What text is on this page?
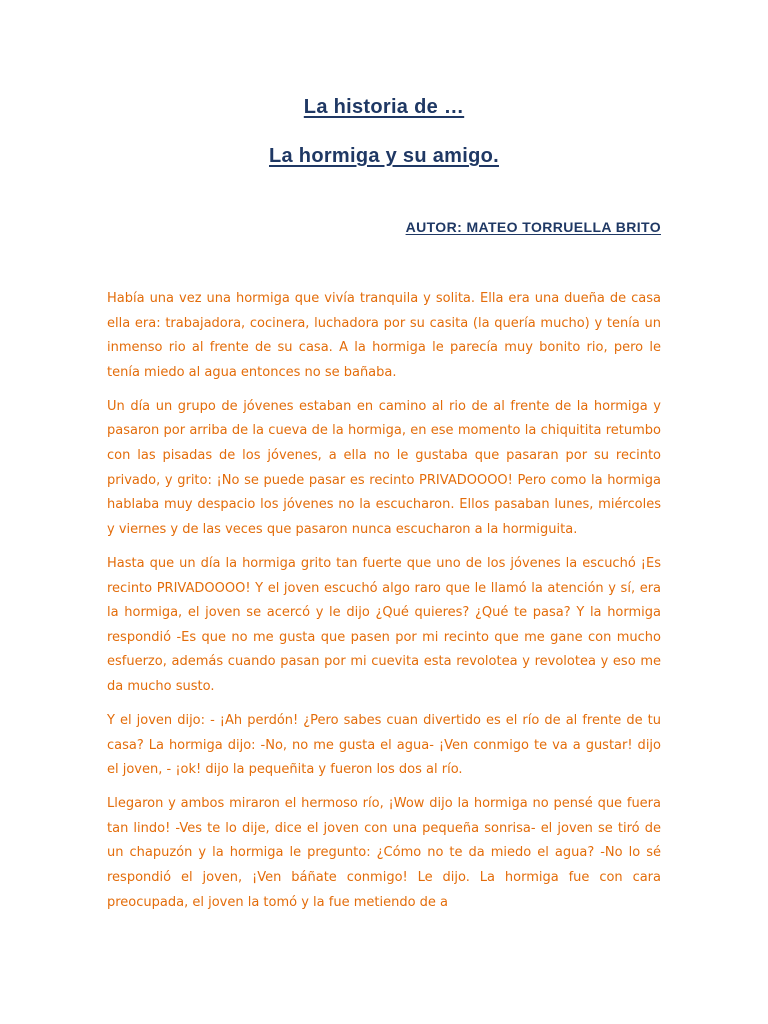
La historia de …
La hormiga y su amigo.
AUTOR: MATEO TORRUELLA BRITO

Había una vez una hormiga que vivía tranquila y solita. Ella era una dueña de casa ella era: trabajadora, cocinera, luchadora por su casita (la quería mucho) y tenía un inmenso rio al frente de su casa. A la hormiga le parecía muy bonito rio, pero le tenía miedo al agua entonces no se bañaba.

Un día un grupo de jóvenes estaban en camino al rio de al frente de la hormiga y pasaron por arriba de la cueva de la hormiga, en ese momento la chiquitita retumbo con las pisadas de los jóvenes, a ella no le gustaba que pasaran por su recinto privado, y grito: ¡No se puede pasar es recinto PRIVADOOOO! Pero como la hormiga hablaba muy despacio los jóvenes no la escucharon. Ellos pasaban lunes, miércoles y viernes y de las veces que pasaron nunca escucharon a la hormiguita.

Hasta que un día la hormiga grito tan fuerte que uno de los jóvenes la escuchó ¡Es recinto PRIVADOOOO! Y el joven escuchó algo raro que le llamó la atención y sí, era la hormiga, el joven se acercó y le dijo ¿Qué quieres? ¿Qué te pasa? Y la hormiga respondió -Es que no me gusta que pasen por mi recinto que me gane con mucho esfuerzo, además cuando pasan por mi cuevita esta revolotea y revolotea y eso me da mucho susto.

Y el joven dijo: - ¡Ah perdón! ¿Pero sabes cuan divertido es el río de al frente de tu casa? La hormiga dijo: -No, no me gusta el agua- ¡Ven conmigo te va a gustar! dijo el joven, - ¡ok! dijo la pequeñita y fueron los dos al río.

Llegaron y ambos miraron el hermoso río, ¡Wow dijo la hormiga no pensé que fuera tan lindo! -Ves te lo dije, dice el joven con una pequeña sonrisa- el joven se tiró de un chapuzón y la hormiga le pregunto: ¿Cómo no te da miedo el agua? -No lo sé respondió el joven, ¡Ven báñate conmigo! Le dijo. La hormiga fue con cara preocupada, el joven la tomó y la fue metiendo de a
